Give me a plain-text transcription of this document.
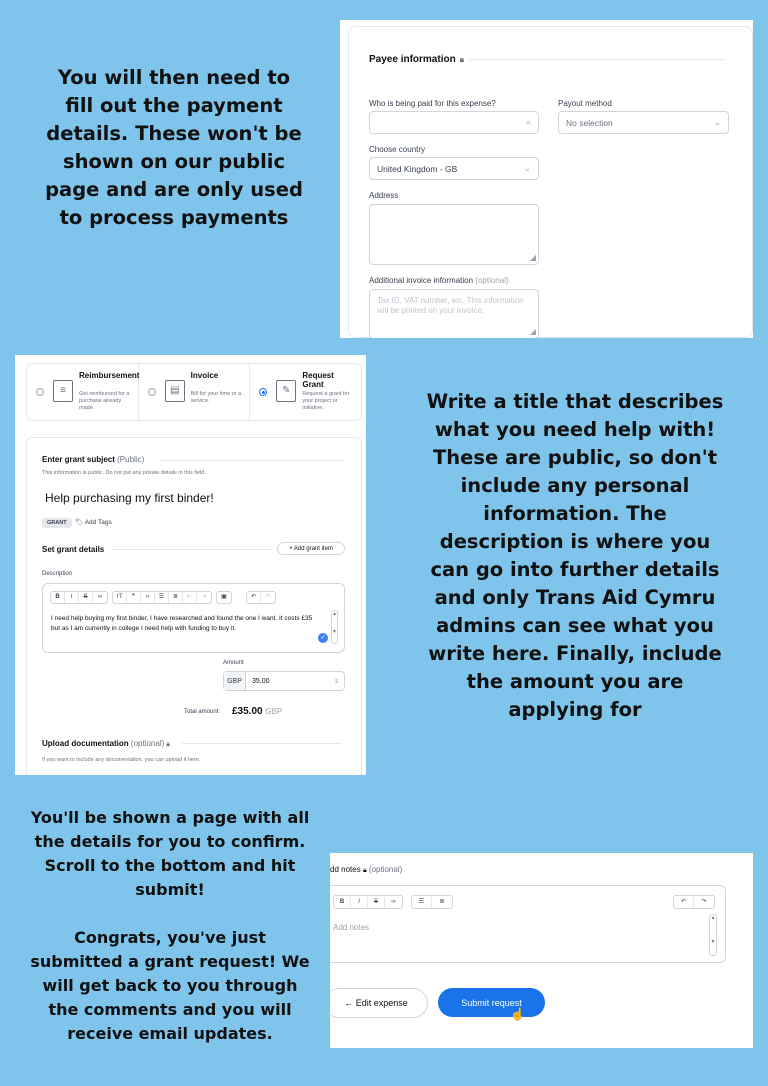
You will then need to fill out the payment details. These won't be shown on our public page and are only used to process payments
Write a title that describes what you need help with! These are public, so don't include any personal information. The description is where you can go into further details and only Trans Aid Cymru admins can see what you write here. Finally, include the amount you are applying for

You'll be shown a page with all the details for you to confirm. Scroll to the bottom and hit submit!

Congrats, you've just submitted a grant request! We will get back to you through the comments and you will receive email updates.

Payee information 🔒︎
Who is being paid for this expense?
⌕
Payout method
No selection	⌄
Choose country
United Kingdom - GB	⌄
Address
◢
Additional invoice information (optional)
Tax ID, VAT number, etc. This information will be printed on your invoice.
◢
≡
Reimbursement
Get reimbursed for a purchase already made.
▤
Invoice
Bill for your time or a service.
✎
Request Grant
Request a grant for your project or initiative.
Enter grant subject (Public)
This information is public. Do not put any private details in this field.
Help purchasing my first binder!
GRANT	🏷︎ Add Tags
Set grant details	+ Add grant item
Description
B	I	S	∞	тT	❞	‹›	☰	≣	⇤	⇥	▣	↶	↷
I need help buying my first binder, I have researched and found the one I want. It costs £35 but as I am currently in college I need help with funding to buy it.
▲

▼
✓
Amount
GBP	35.00	⇕
Total amount: £35.00 GBP
Upload documentation (optional) 🔒︎
If you want to include any documentation, you can upload it here.
dd notes 🔒︎ (optional)
B	I	S	∞	☰	≣	↶	↷
Add notes
▲

▼
← Edit expense	Submit request
☝
